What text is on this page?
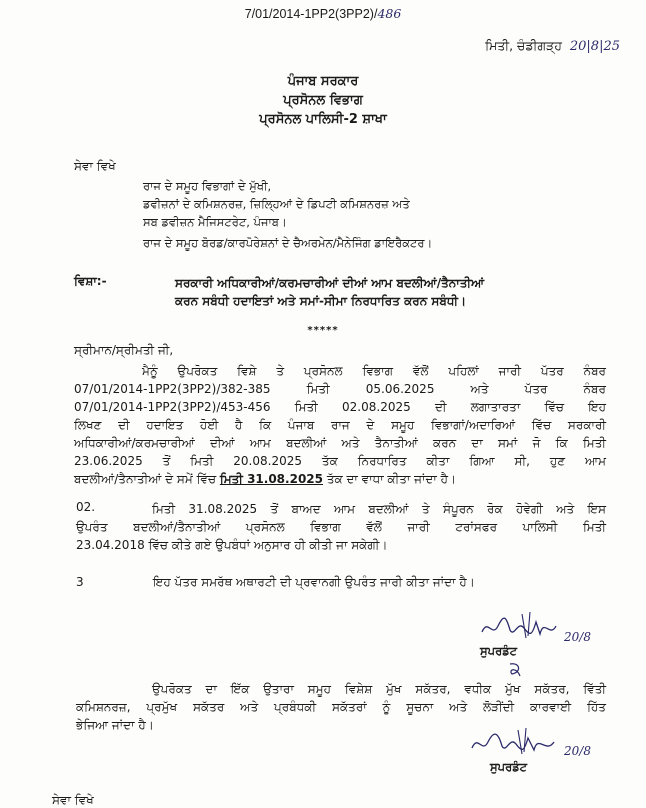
7/01/2014-1PP2(3PP2)/486
ਮਿਤੀ, ਚੰਡੀਗੜ੍ਹ 20|8|25
ਪੰਜਾਬ ਸਰਕਾਰ
ਪ੍ਰਸੋਨਲ ਵਿਭਾਗ
ਪ੍ਰਸੋਨਲ ਪਾਲਿਸੀ-2 ਸ਼ਾਖਾ
ਸੇਵਾ ਵਿਖੇ
ਰਾਜ ਦੇ ਸਮੂਹ ਵਿਭਾਗਾਂ ਦੇ ਮੁੱਖੀ,
ਡਵੀਜ਼ਨਾਂ ਦੇ ਕਮਿਸ਼ਨਰਜ਼, ਜ਼ਿਲ੍ਹਿਆਂ ਦੇ ਡਿਪਟੀ ਕਮਿਸ਼ਨਰਜ਼ ਅਤੇ
ਸਬ ਡਵੀਜ਼ਨ ਮੈਜਿਸਟਰੇਟ, ਪੰਜਾਬ।
ਰਾਜ ਦੇ ਸਮੂਹ ਬੋਰਡ/ਕਾਰਪੋਰੇਸ਼ਨਾਂ ਦੇ ਚੈਅਰਮੇਨ/ਮੈਨੇਜਿੰਗ ਡਾਇਰੈਕਟਰ।
ਵਿਸ਼ਾ:-	ਸਰਕਾਰੀ ਅਧਿਕਾਰੀਆਂ/ਕਰਮਚਾਰੀਆਂ ਦੀਆਂ ਆਮ ਬਦਲੀਆਂ/ਤੈਨਾਤੀਆਂ
ਕਰਨ ਸਬੰਧੀ ਹਦਾਇਤਾਂ ਅਤੇ ਸਮਾਂ-ਸੀਮਾ ਨਿਰਧਾਰਿਤ ਕਰਨ ਸਬੰਧੀ।
*****
ਸ੍ਰੀਮਾਨ/ਸ੍ਰੀਮਤੀ ਜੀ,
ਮੈਨੂੰ ਉਪਰੋਕਤ ਵਿਸ਼ੇ ਤੇ ਪ੍ਰਸੋਨਲ ਵਿਭਾਗ ਵੱਲੋਂ ਪਹਿਲਾਂ ਜਾਰੀ ਪੱਤਰ ਨੰਬਰ
07/01/2014-1PP2(3PP2)/382-385 ਮਿਤੀ 05.06.2025 ਅਤੇ ਪੱਤਰ ਨੰਬਰ
07/01/2014-1PP2(3PP2)/453-456 ਮਿਤੀ 02.08.2025 ਦੀ ਲਗਾਤਾਰਤਾ ਵਿੱਚ ਇਹ
ਲਿਖਣ ਦੀ ਹਦਾਇਤ ਹੋਈ ਹੈ ਕਿ ਪੰਜਾਬ ਰਾਜ ਦੇ ਸਮੂਹ ਵਿਭਾਗਾਂ/ਅਦਾਰਿਆਂ ਵਿੱਚ ਸਰਕਾਰੀ
ਅਧਿਕਾਰੀਆਂ/ਕਰਮਚਾਰੀਆਂ ਦੀਆਂ ਆਮ ਬਦਲੀਆਂ ਅਤੇ ਤੈਨਾਤੀਆਂ ਕਰਨ ਦਾ ਸਮਾਂ ਜੋ ਕਿ ਮਿਤੀ
23.06.2025 ਤੋਂ ਮਿਤੀ 20.08.2025 ਤੱਕ ਨਿਰਧਾਰਿਤ ਕੀਤਾ ਗਿਆ ਸੀ, ਹੁਣ ਆਮ
ਬਦਲੀਆਂ/ਤੈਨਾਤੀਆਂ ਦੇ ਸਮੇਂ ਵਿੱਚ ਮਿਤੀ 31.08.2025 ਤੱਕ ਦਾ ਵਾਧਾ ਕੀਤਾ ਜਾਂਦਾ ਹੈ।
02.	ਮਿਤੀ 31.08.2025 ਤੋਂ ਬਾਅਦ ਆਮ ਬਦਲੀਆਂ ਤੇ ਸੰਪੂਰਨ ਰੋਕ ਹੋਵੇਗੀ ਅਤੇ ਇਸ
ਉਪਰੰਤ ਬਦਲੀਆਂ/ਤੈਨਾਤੀਆਂ ਪ੍ਰਸੋਨਲ ਵਿਭਾਗ ਵੱਲੋਂ ਜਾਰੀ ਟਰਾਂਸਫਰ ਪਾਲਿਸੀ ਮਿਤੀ
23.04.2018 ਵਿੱਚ ਕੀਤੇ ਗਏ ਉਪਬੰਧਾਂ ਅਨੁਸਾਰ ਹੀ ਕੀਤੀ ਜਾ ਸਕੇਗੀ।
3	ਇਹ ਪੱਤਰ ਸਮਰੱਥ ਅਥਾਰਟੀ ਦੀ ਪ੍ਰਵਾਨਗੀ ਉਪਰੰਤ ਜਾਰੀ ਕੀਤਾ ਜਾਂਦਾ ਹੈ।
20/8
ਸੁਪਰਡੰਟ
ਉਪਰੋਕਤ ਦਾ ਇੱਕ ਉਤਾਰਾ ਸਮੂਹ ਵਿਸ਼ੇਸ਼ ਮੁੱਖ ਸਕੱਤਰ, ਵਧੀਕ ਮੁੱਖ ਸਕੱਤਰ, ਵਿੱਤੀ
ਕਮਿਸ਼ਨਰਜ਼, ਪ੍ਰਮੁੱਖ ਸਕੱਤਰ ਅਤੇ ਪ੍ਰਬੰਧਕੀ ਸਕੱਤਰਾਂ ਨੂੰ ਸੂਚਨਾ ਅਤੇ ਲੋੜੀਂਦੀ ਕਾਰਵਾਈ ਹਿੱਤ
ਭੇਜਿਆ ਜਾਂਦਾ ਹੈ।
20/8
ਸੁਪਰਡੰਟ
ਸੇਵਾ ਵਿਖੇ
